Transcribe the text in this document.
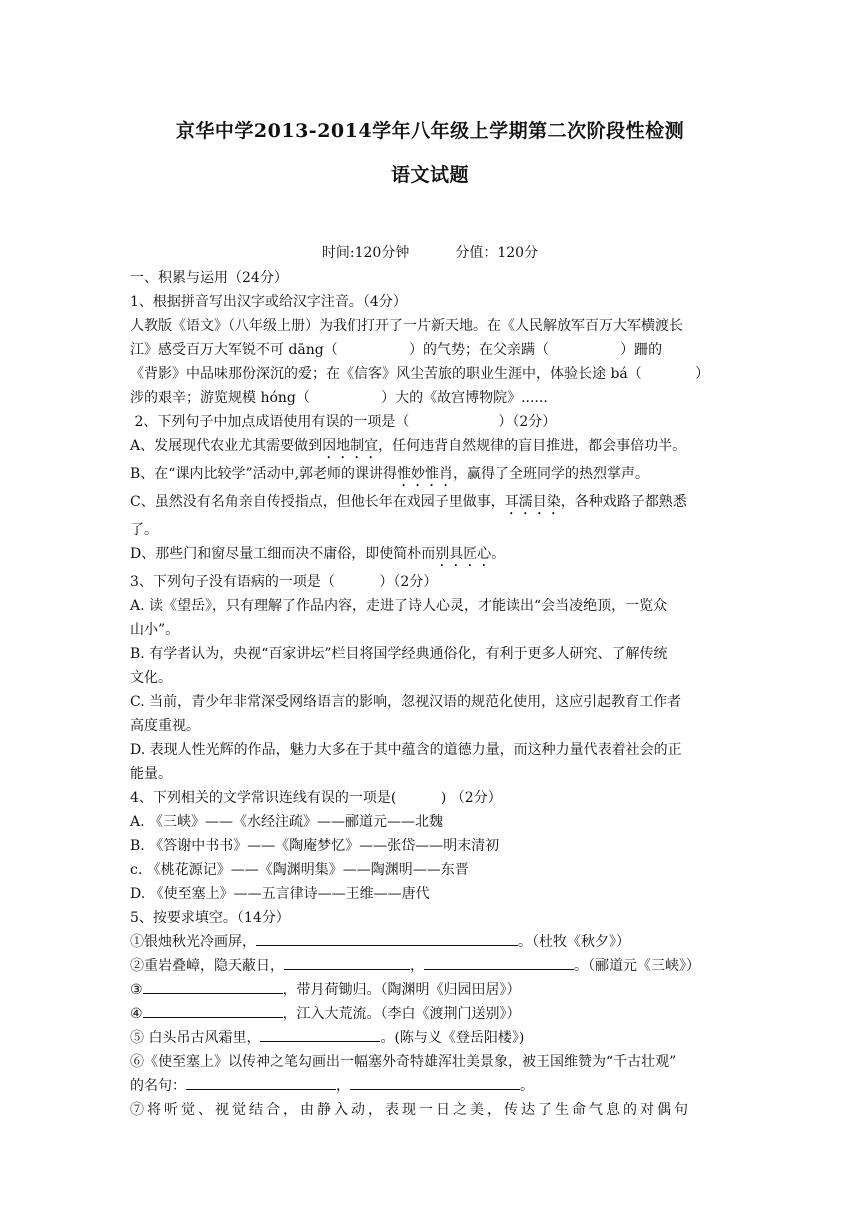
京华中学2013-2014学年八年级上学期第二次阶段性检测
语文试题
时间:120分钟	分值：120分

一、积累与运用（24分）

1、根据拼音写出汉字或给汉字注音。（4分）

人教版《语文》（八年级上册）为我们打开了一片新天地。在《人民解放军百万大军横渡长

江》感受百万大军锐不可 dāng（                ）的气势；在父亲蹒（                ）跚的

《背影》中品味那份深沉的爱；在《信客》风尘苦旅的职业生涯中，体验长途 bá（            ）

涉的艰辛；游览规模 hóng（                ）大的《故宫博物院》......

2、下列句子中加点成语使用有误的一项是（                    ）（2分）

A、发展现代农业尤其需要做到因地制宜，任何违背自然规律的盲目推进，都会事倍功半。

B、在“课内比较学”活动中,郭老师的课讲得惟妙惟肖，赢得了全班同学的热烈掌声。

C、虽然没有名角亲自传授指点，但他长年在戏园子里做事，耳濡目染，各种戏路子都熟悉

了。

D、那些门和窗尽量工细而决不庸俗，即使简朴而别具匠心。

3、下列句子没有语病的一项是（          ）（2分）

A. 读《望岳》，只有理解了作品内容，走进了诗人心灵，才能读出“会当凌绝顶，一览众

山小”。

B. 有学者认为，央视“百家讲坛”栏目将国学经典通俗化，有利于更多人研究、了解传统

文化。

C. 当前，青少年非常深受网络语言的影响，忽视汉语的规范化使用，这应引起教育工作者

高度重视。

D. 表现人性光辉的作品，魅力大多在于其中蕴含的道德力量，而这种力量代表着社会的正

能量。

4、下列相关的文学常识连线有误的一项是(          ) （2分）

A. 《三峡》——《水经注疏》——郦道元——北魏

B. 《答谢中书书》——《陶庵梦忆》——张岱——明末清初

c. 《桃花源记》——《陶渊明集》——陶渊明——东晋

D. 《使至塞上》——五言律诗——王维——唐代

5、按要求填空。（14分）

①银烛秋光冷画屏，	。（杜牧《秋夕》）

②重岩叠嶂，隐天蔽日，	，	。（郦道元《三峡》）

③	，带月荷锄归。（陶渊明《归园田居》）

④	，江入大荒流。（李白《渡荆门送别》）

⑤ 白头吊古风霜里，	。(陈与义《登岳阳楼》)

⑥《使至塞上》以传神之笔勾画出一幅塞外奇特雄浑壮美景象，被王国维赞为“千古壮观”

的名句：	，	。

⑦将听觉、视觉结合，由静入动，表现一日之美，传达了生命气息的对偶句
